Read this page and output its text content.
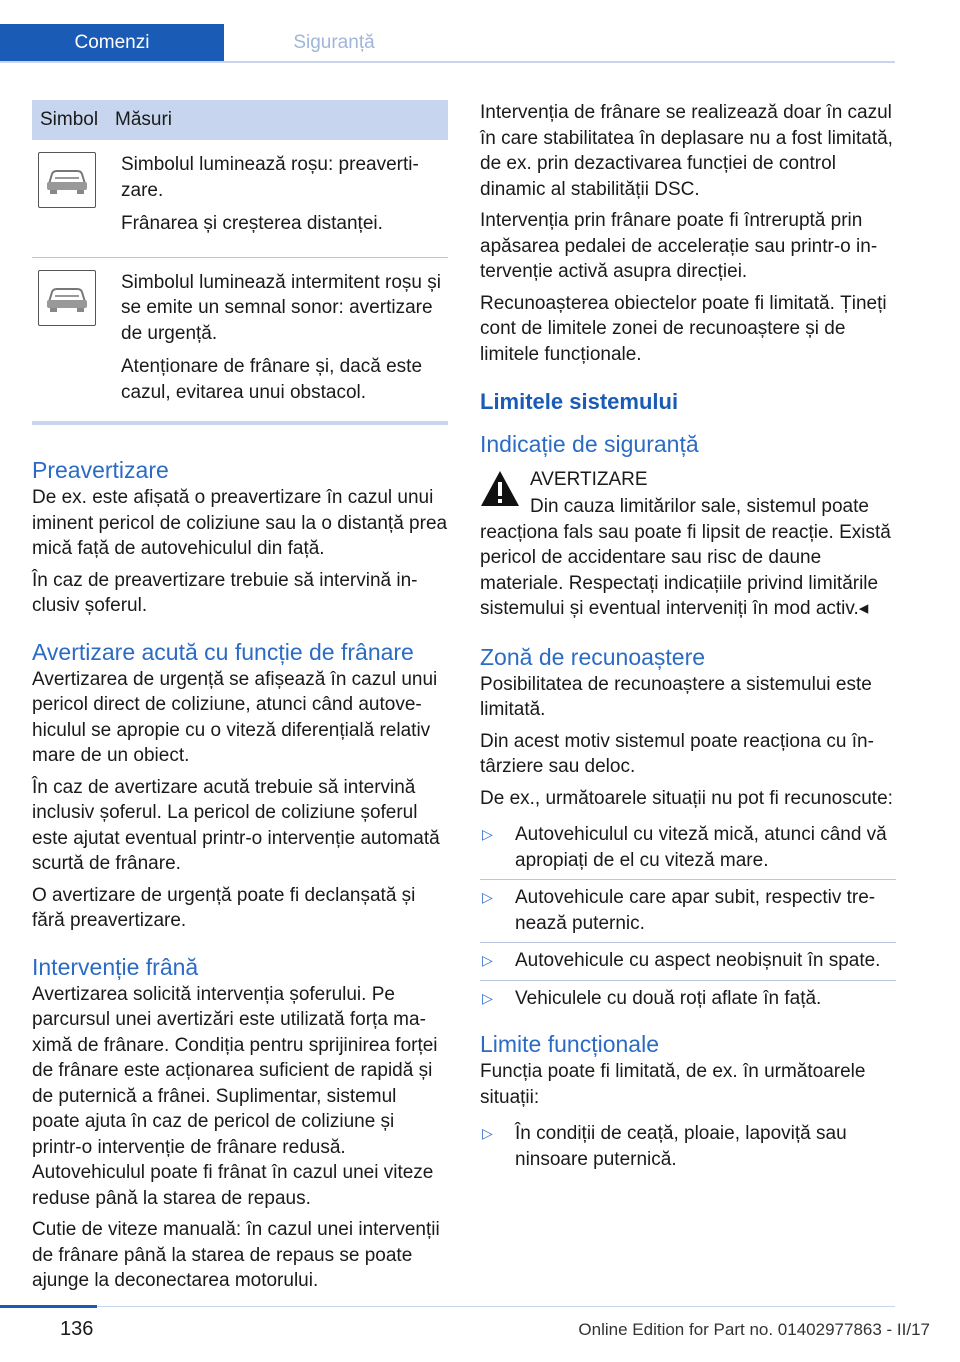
Comenzi	Siguranță
Simbol Măsuri

Simbolul luminează roșu: preavertizare.

Frânarea și creșterea distanței.

Simbolul luminează intermitent roșu și se emite un semnal sonor: avertizare de urgență.

Atenționare de frânare și, dacă este cazul, evitarea unui obstacol.

Preavertizare

De ex. este afișată o preavertizare în cazul unui iminent pericol de coliziune sau la o distanță prea mică față de autovehiculul din față.

În caz de preavertizare trebuie să intervină inclusiv șoferul.

Avertizare acută cu funcție de frânare

Avertizarea de urgență se afișează în cazul unui pericol direct de coliziune, atunci când autovehiculul se apropie cu o viteză diferențială relativ mare de un obiect.

În caz de avertizare acută trebuie să intervină inclusiv șoferul. La pericol de coliziune șoferul este ajutat eventual printr-o intervenție automată scurtă de frânare.

O avertizare de urgență poate fi declanșată și fără preavertizare.

Intervenție frână

Avertizarea solicită intervenția șoferului. Pe parcursul unei avertizări este utilizată forța maximă de frânare. Condiția pentru sprijinirea forței de frânare este acționarea suficient de rapidă și de puternică a frânei. Suplimentar, sistemul poate ajuta în caz de pericol de coliziune și printr-o intervenție de frânare redusă. Autovehiculul poate fi frânat în cazul unei viteze reduse până la starea de repaus.

Cutie de viteze manuală: în cazul unei intervenții de frânare până la starea de repaus se poate ajunge la deconectarea motorului.

Intervenția de frânare se realizează doar în cazul în care stabilitatea în deplasare nu a fost limitată, de ex. prin dezactivarea funcției de control dinamic al stabilității DSC.

Intervenția prin frânare poate fi întreruptă prin apăsarea pedalei de accelerație sau printr-o intervenție activă asupra direcției.

Recunoașterea obiectelor poate fi limitată. Țineți cont de limitele zonei de recunoaștere și de limitele funcționale.

Limitele sistemului
Indicație de siguranță
AVERTIZARE

Din cauza limitărilor sale, sistemul poate reacționa fals sau poate fi lipsit de reacție. Există pericol de accidentare sau risc de daune materiale. Respectați indicațiile privind limitările sistemului și eventual interveniți în mod activ.◂

Zonă de recunoaștere

Posibilitatea de recunoaștere a sistemului este limitată.

Din acest motiv sistemul poate reacționa cu întârziere sau deloc.

De ex., următoarele situații nu pot fi recunoscute:

▷	Autovehiculul cu viteză mică, atunci când vă apropiați de el cu viteză mare.
▷	Autovehicule care apar subit, respectiv trenează puternic.
▷	Autovehicule cu aspect neobișnuit în spate.
▷	Vehiculele cu două roți aflate în față.
Limite funcționale

Funcția poate fi limitată, de ex. în următoarele situații:

▷	În condiții de ceață, ploaie, lapoviță sau ninsoare puternică.
136	Online Edition for Part no. 01402977863 - II/17
